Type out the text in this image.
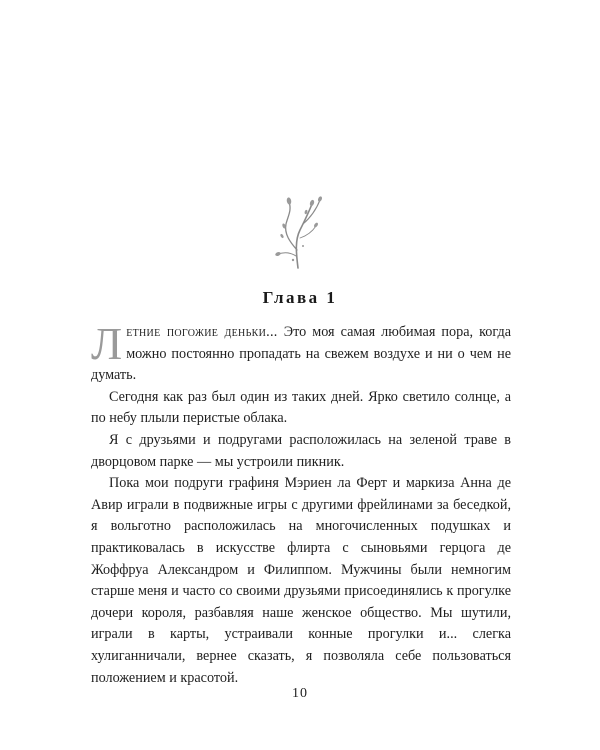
Глава 1

Летние погожие деньки... Это моя самая любимая пора, когда можно постоянно пропадать на свежем воздухе и ни о чем не думать.

Сегодня как раз был один из таких дней. Ярко светило солнце, а по небу плыли перистые облака.

Я с друзьями и подругами расположилась на зеленой траве в дворцовом парке — мы устроили пикник.

Пока мои подруги графиня Мэриен ла Ферт и маркиза Анна де Авир играли в подвижные игры с другими фрейлинами за беседкой, я вольготно расположилась на многочисленных подушках и практиковалась в искусстве флирта с сыновьями герцога де Жоффруа Александром и Филиппом. Мужчины были немногим старше меня и часто со своими друзьями присоединялись к прогулке дочери короля, разбавляя наше женское общество. Мы шутили, играли в карты, устраивали конные прогулки и... слегка хулиганничали, вернее сказать, я позволяла себе пользоваться положением и красотой.

10
